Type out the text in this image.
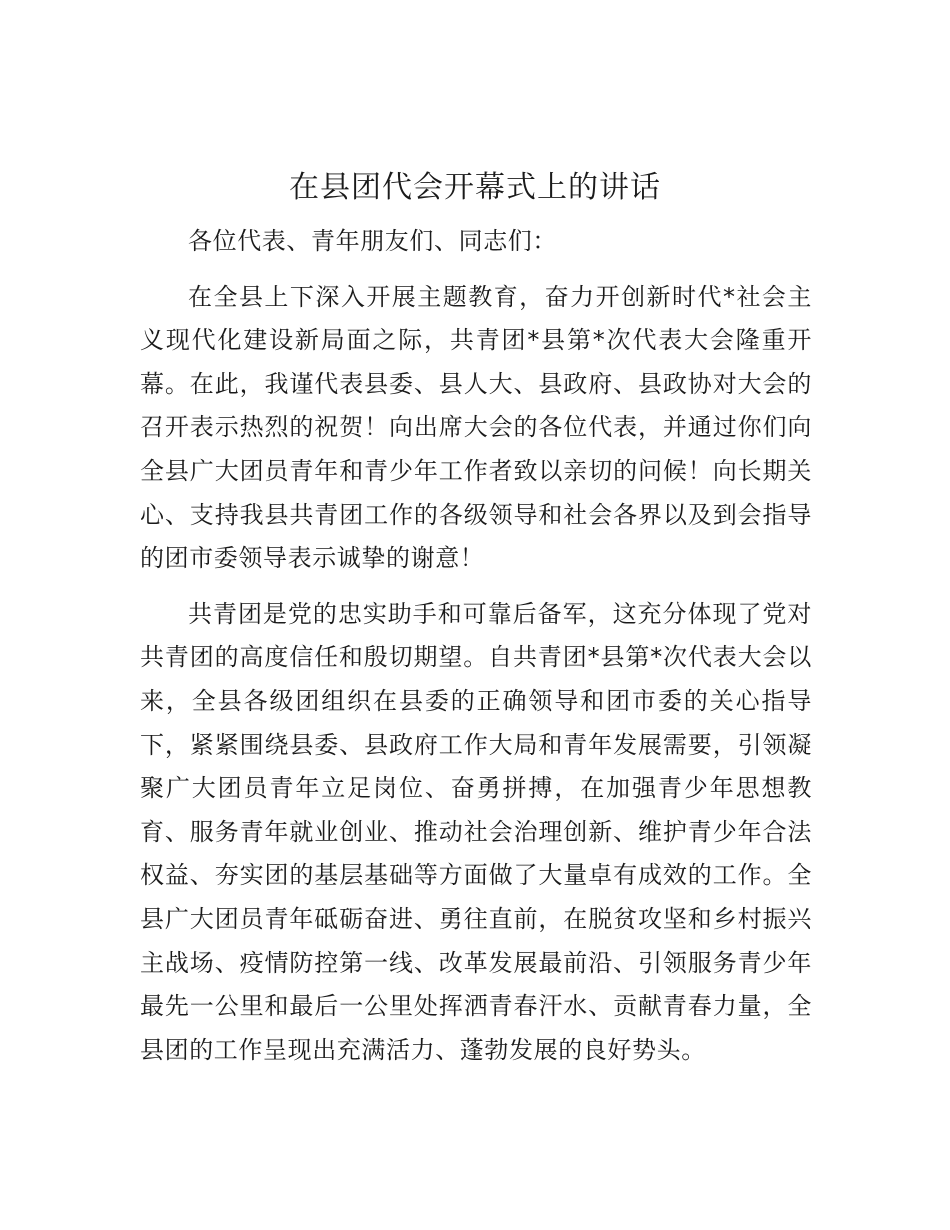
在县团代会开幕式上的讲话

各位代表、青年朋友们、同志们：

在全县上下深入开展主题教育，奋力开创新时代*社会主义现代化建设新局面之际，共青团*县第*次代表大会隆重开幕。在此，我谨代表县委、县人大、县政府、县政协对大会的召开表示热烈的祝贺！向出席大会的各位代表，并通过你们向全县广大团员青年和青少年工作者致以亲切的问候！向长期关心、支持我县共青团工作的各级领导和社会各界以及到会指导的团市委领导表示诚挚的谢意！

共青团是党的忠实助手和可靠后备军，这充分体现了党对共青团的高度信任和殷切期望。自共青团*县第*次代表大会以来，全县各级团组织在县委的正确领导和团市委的关心指导下，紧紧围绕县委、县政府工作大局和青年发展需要，引领凝聚广大团员青年立足岗位、奋勇拼搏，在加强青少年思想教育、服务青年就业创业、推动社会治理创新、维护青少年合法权益、夯实团的基层基础等方面做了大量卓有成效的工作。全县广大团员青年砥砺奋进、勇往直前，在脱贫攻坚和乡村振兴主战场、疫情防控第一线、改革发展最前沿、引领服务青少年最先一公里和最后一公里处挥洒青春汗水、贡献青春力量，全县团的工作呈现出充满活力、蓬勃发展的良好势头。
